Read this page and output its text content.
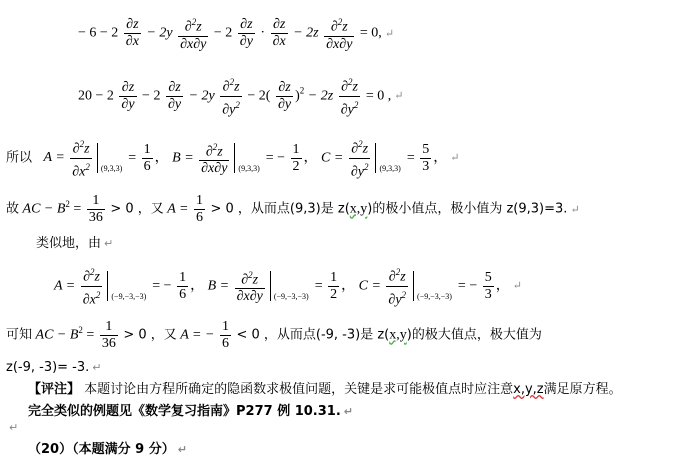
− $6 - 2 \frac{\partial z}{\partial x} - 2y \frac{\partial^2z}{\partial x\partial y} - 2 \frac{\partial z}{\partial y} \cdot \frac{\partial z}{\partial x} - 2z \frac{\partial^2z}{\partial x\partial y} = 0$, ↵
$20 - 2 \frac{\partial z}{\partial y} - 2 \frac{\partial z}{\partial y} - 2y \frac{\partial^2z}{\partial y^2} - 2( \frac{\partial z}{\partial y} )^2 - 2z \frac{\partial^2z}{\partial y^2} = 0$ , ↵
所以 $A = \frac{\partial^2z}{\partial x^2} _{(9,3,3)}= \frac{1}{6}$ ， $B = \frac{\partial^2z}{\partial x\partial y} _{(9,3,3)}= - \frac{1}{2}$ ， $C = \frac{\partial^2z}{\partial y^2} _{(9,3,3)}= \frac{5}{3}$ ， ↵
故 AC − $B^2 = \frac{1}{36} > 0$ ，又 $A = \frac{1}{6} > 0$ ，从而点(9,3)是 z(x,y)的极小值点，极小值为 z(9,3)=3. ↵
类似地，由 ↵
$A = \frac{\partial^2z}{\partial x^2} _{(-9,-3,-3)}= - \frac{1}{6}$ ， $B = \frac{\partial^2z}{\partial x\partial y} _{(-9,-3,-3)}= \frac{1}{2}$ ， $C = \frac{\partial^2z}{\partial y^2} _{(-9,-3,-3)}= - \frac{5}{3}$ ， ↵
可知 AC − $B^2 = \frac{1}{36} > 0$ ，又 A = − $\frac{1}{6} < 0$ ，从而点(-9, -3)是 z(x,y)的极大值点，极大值为
z(-9, -3)= -3. ↵
【评注】 本题讨论由方程所确定的隐函数求极值问题，关键是求可能极值点时应注意x,y,z满足原方程。
完全类似的例题见《数学复习指南》P277 例 10.31. ↵
↵
（20）（本题满分 9 分） ↵
